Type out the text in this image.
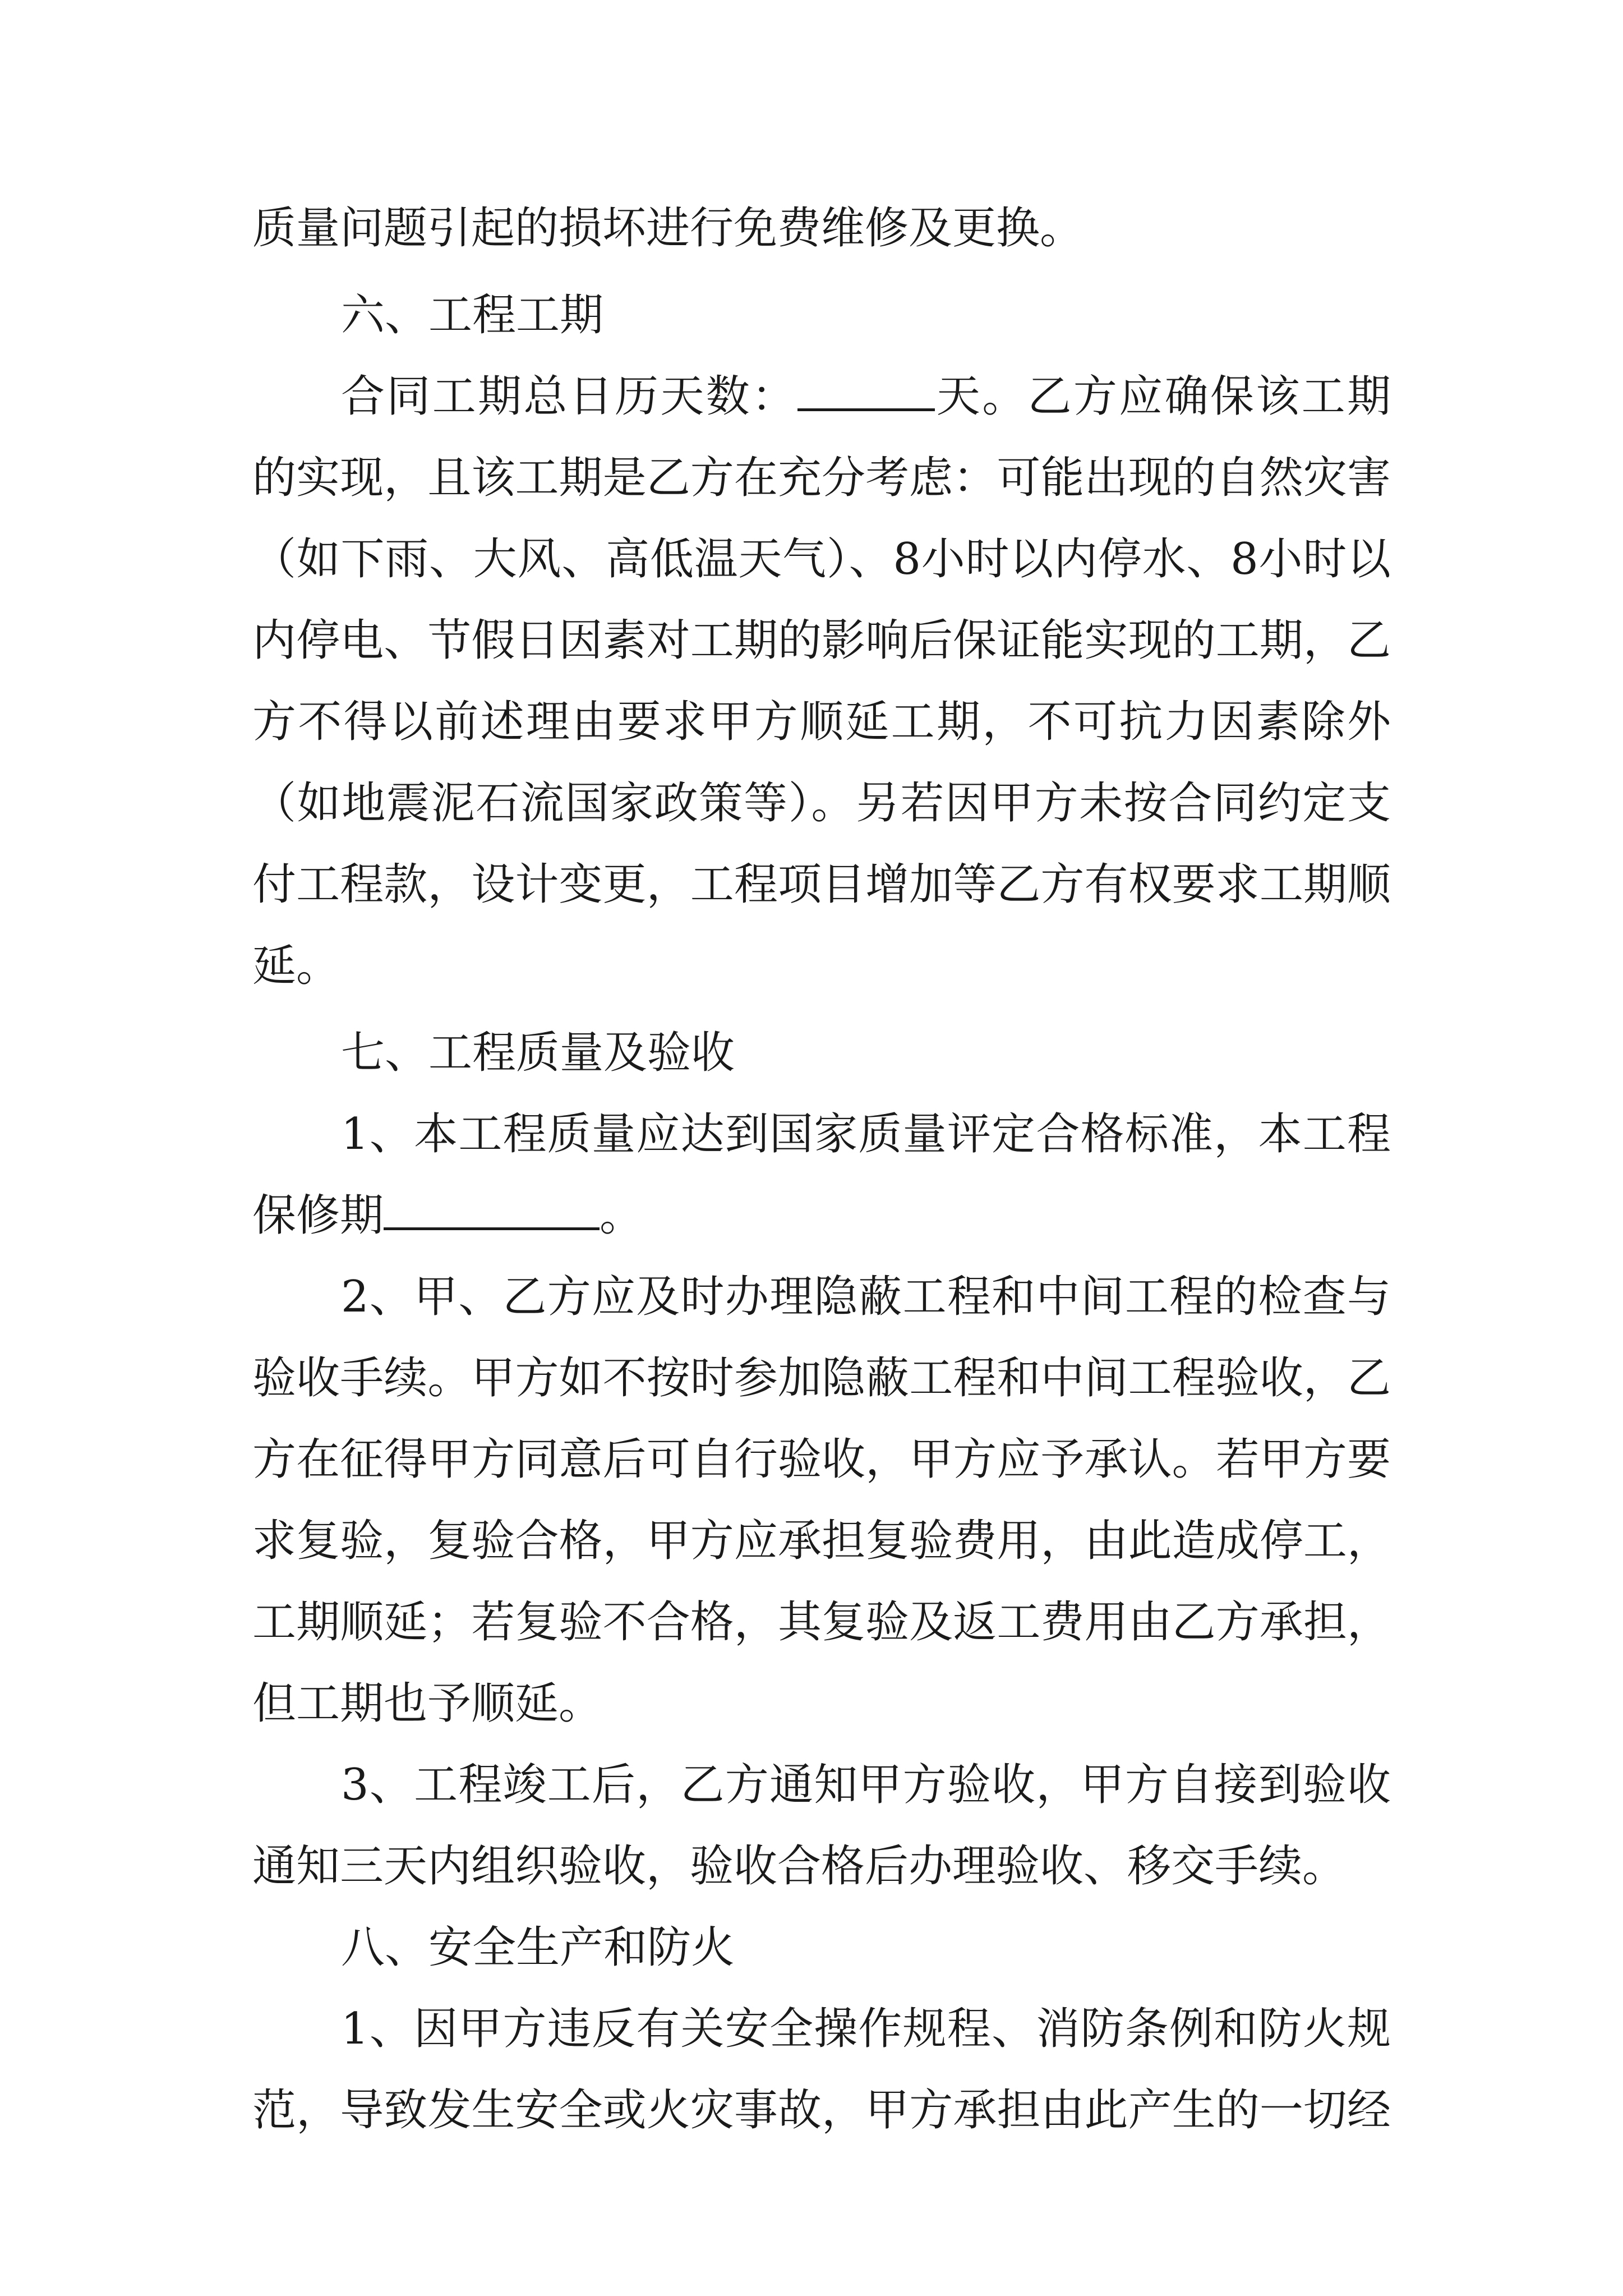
质量问题引起的损坏进行免费维修及更换。
六、工程工期
合同工期总日历天数：	天。乙方应确保该工期
的实现，且该工期是乙方在充分考虑：可能出现的自然灾害
（如下雨、大风、高低温天气）、8小时以内停水、8小时以
内停电、节假日因素对工期的影响后保证能实现的工期，乙
方不得以前述理由要求甲方顺延工期，不可抗力因素除外
（如地震泥石流国家政策等）。另若因甲方未按合同约定支
付工程款，设计变更，工程项目增加等乙方有权要求工期顺
延。
七、工程质量及验收
1、本工程质量应达到国家质量评定合格标准，本工程
保修期	。
2、甲、乙方应及时办理隐蔽工程和中间工程的检查与
验收手续。甲方如不按时参加隐蔽工程和中间工程验收，乙
方在征得甲方同意后可自行验收，甲方应予承认。若甲方要
求复验，复验合格，甲方应承担复验费用，由此造成停工，
工期顺延；若复验不合格，其复验及返工费用由乙方承担，
但工期也予顺延。
3、工程竣工后，乙方通知甲方验收，甲方自接到验收
通知三天内组织验收，验收合格后办理验收、移交手续。
八、安全生产和防火
1、因甲方违反有关安全操作规程、消防条例和防火规
范，导致发生安全或火灾事故，甲方承担由此产生的一切经
